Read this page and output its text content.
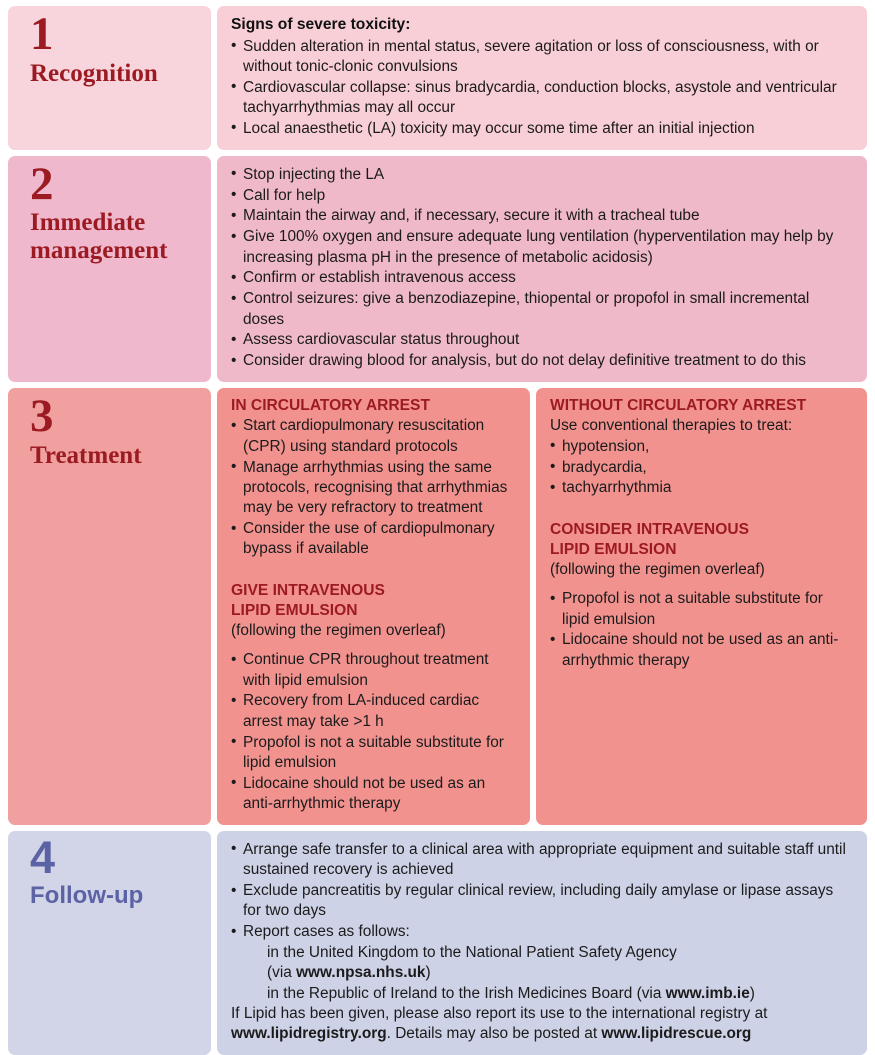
1
Recognition

Signs of severe toxicity:

• Sudden alteration in mental status, severe agitation or loss of consciousness, with or without tonic-clonic convulsions
• Cardiovascular collapse: sinus bradycardia, conduction blocks, asystole and ventricular tachyarrhythmias may all occur
• Local anaesthetic (LA) toxicity may occur some time after an initial injection
2
Immediate management
• Stop injecting the LA
• Call for help
• Maintain the airway and, if necessary, secure it with a tracheal tube
• Give 100% oxygen and ensure adequate lung ventilation (hyperventilation may help by increasing plasma pH in the presence of metabolic acidosis)
• Confirm or establish intravenous access
• Control seizures: give a benzodiazepine, thiopental or propofol in small incremental doses
• Assess cardiovascular status throughout
• Consider drawing blood for analysis, but do not delay definitive treatment to do this
3
Treatment

IN CIRCULATORY ARREST

• Start cardiopulmonary resuscitation (CPR) using standard protocols
• Manage arrhythmias using the same protocols, recognising that arrhythmias may be very refractory to treatment
• Consider the use of cardiopulmonary bypass if available

GIVE INTRAVENOUS

LIPID EMULSION

(following the regimen overleaf)

• Continue CPR throughout treatment with lipid emulsion
• Recovery from LA-induced cardiac arrest may take >1 h
• Propofol is not a suitable substitute for lipid emulsion
• Lidocaine should not be used as an anti-arrhythmic therapy

WITHOUT CIRCULATORY ARREST

Use conventional therapies to treat:

• hypotension,
• bradycardia,
• tachyarrhythmia

CONSIDER INTRAVENOUS

LIPID EMULSION

(following the regimen overleaf)

• Propofol is not a suitable substitute for lipid emulsion
• Lidocaine should not be used as an anti-arrhythmic therapy
4
Follow-up
• Arrange safe transfer to a clinical area with appropriate equipment and suitable staff until sustained recovery is achieved
• Exclude pancreatitis by regular clinical review, including daily amylase or lipase assays for two days
• Report cases as follows:

in the United Kingdom to the National Patient Safety Agency

(via www.npsa.nhs.uk)

in the Republic of Ireland to the Irish Medicines Board (via www.imb.ie)

If Lipid has been given, please also report its use to the international registry at

www.lipidregistry.org. Details may also be posted at www.lipidrescue.org
